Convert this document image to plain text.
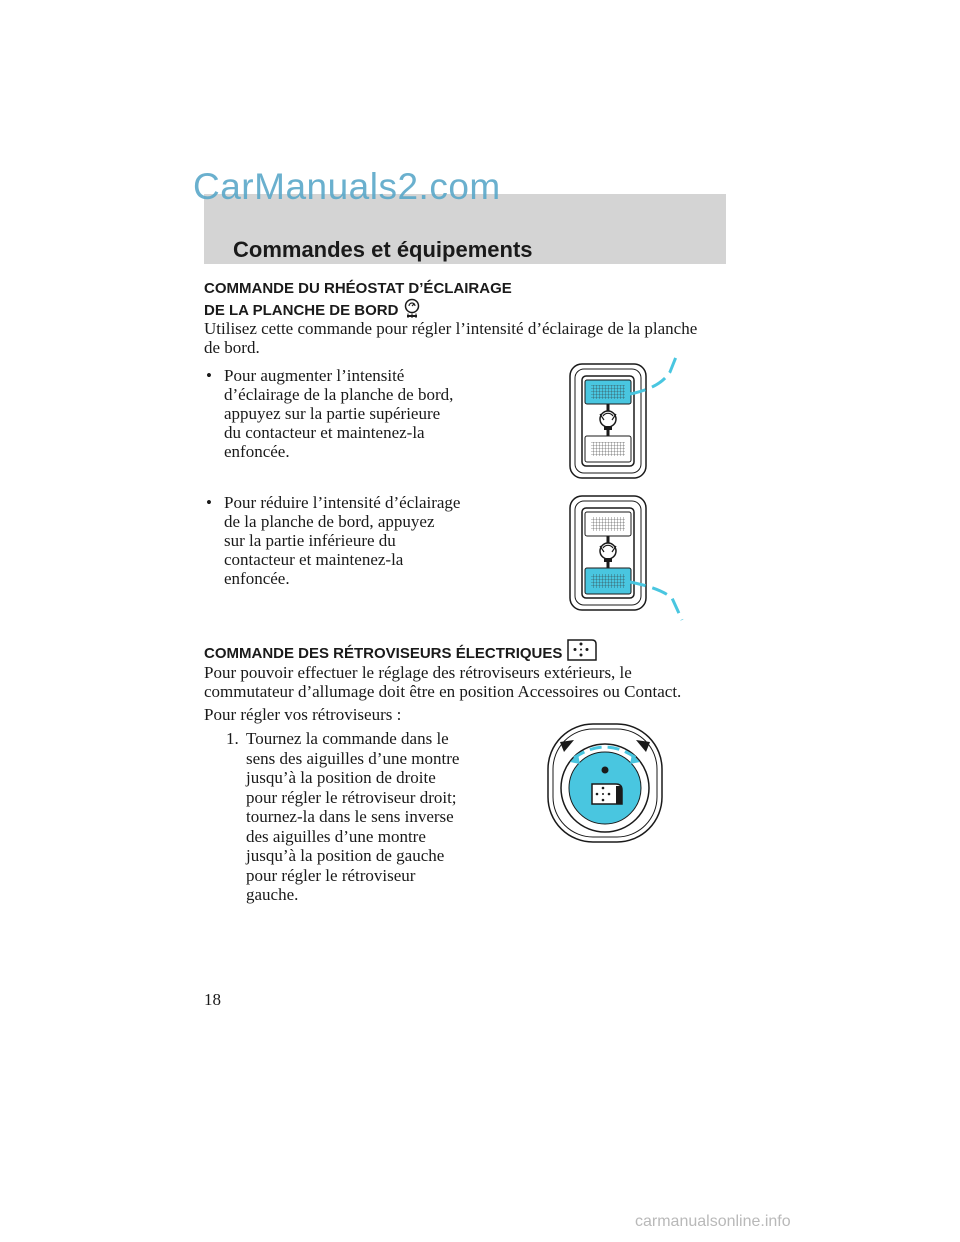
CarManuals2.com
Commandes et équipements
COMMANDE DU RHÉOSTAT D’ÉCLAIRAGE
DE LA PLANCHE DE BORD
Utilisez cette commande pour régler l’intensité d’éclairage de la planche
de bord.
• Pour augmenter l’intensité
d’éclairage de la planche de bord,
appuyez sur la partie supérieure
du contacteur et maintenez-la
enfoncée.
• Pour réduire l’intensité d’éclairage
de la planche de bord, appuyez
sur la partie inférieure du
contacteur et maintenez-la
enfoncée.
COMMANDE DES RÉTROVISEURS ÉLECTRIQUES
Pour pouvoir effectuer le réglage des rétroviseurs extérieurs, le
commutateur d’allumage doit être en position Accessoires ou Contact.
Pour régler vos rétroviseurs :
1. Tournez la commande dans le
sens des aiguilles d’une montre
jusqu’à la position de droite
pour régler le rétroviseur droit;
tournez-la dans le sens inverse
des aiguilles d’une montre
jusqu’à la position de gauche
pour régler le rétroviseur
gauche.
18
carmanualsonline.info
